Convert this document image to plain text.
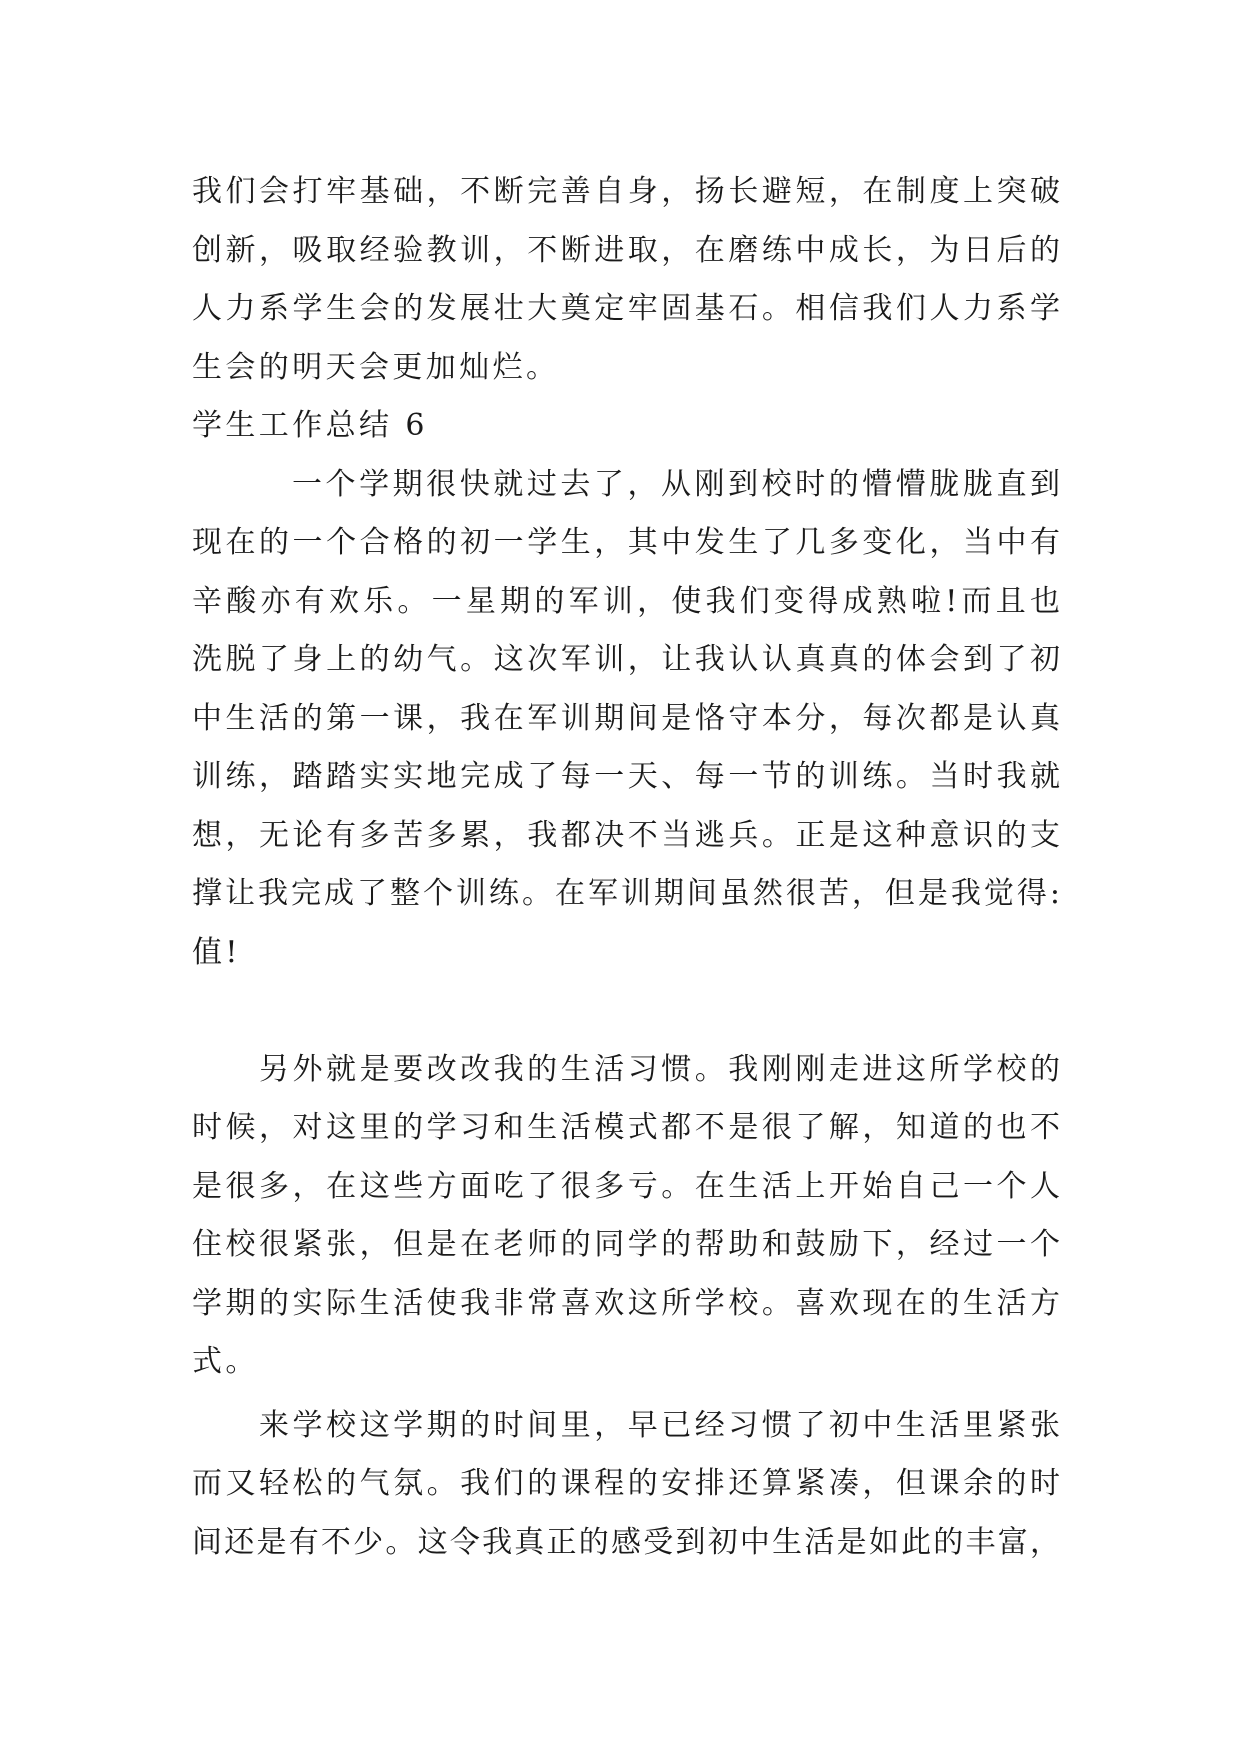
我们会打牢基础，不断完善自身，扬长避短，在制度上突破
创新，吸取经验教训，不断进取，在磨练中成长，为日后的
人力系学生会的发展壮大奠定牢固基石。相信我们人力系学
生会的明天会更加灿烂。
学生工作总结 6
一个学期很快就过去了，从刚到校时的懵懵胧胧直到
现在的一个合格的初一学生，其中发生了几多变化，当中有
辛酸亦有欢乐。一星期的军训，使我们变得成熟啦!而且也
洗脱了身上的幼气。这次军训，让我认认真真的体会到了初
中生活的第一课，我在军训期间是恪守本分，每次都是认真
训练，踏踏实实地完成了每一天、每一节的训练。当时我就
想，无论有多苦多累，我都决不当逃兵。正是这种意识的支
撑让我完成了整个训练。在军训期间虽然很苦，但是我觉得:
值!
另外就是要改改我的生活习惯。我刚刚走进这所学校的
时候，对这里的学习和生活模式都不是很了解，知道的也不
是很多，在这些方面吃了很多亏。在生活上开始自己一个人
住校很紧张，但是在老师的同学的帮助和鼓励下，经过一个
学期的实际生活使我非常喜欢这所学校。喜欢现在的生活方
式。
来学校这学期的时间里，早已经习惯了初中生活里紧张
而又轻松的气氛。我们的课程的安排还算紧凑，但课余的时
间还是有不少。这令我真正的感受到初中生活是如此的丰富，
